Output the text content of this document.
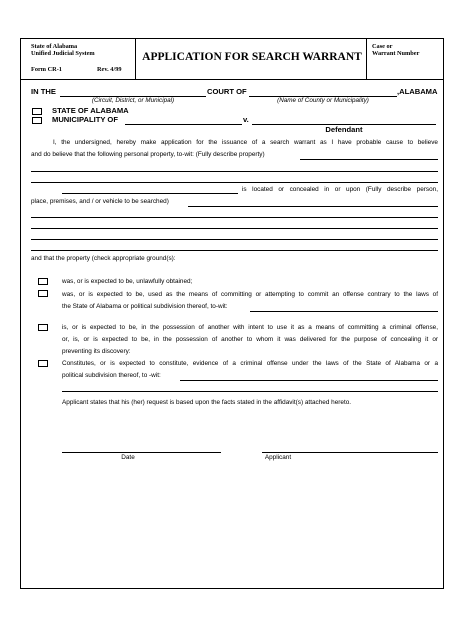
State of Alabama
Unified Judicial System
Form CR-1	Rev. 4/99
APPLICATION FOR SEARCH WARRANT
Case or
Warrant Number
IN THE	COURT OF	,ALABAMA
(Circuit, District, or Municipal)	(Name of County or Municipality)
STATE OF ALABAMA
MUNICIPALITY OF	v.
Defendant
I, the undersigned, hereby make application for the issuance of a search warrant as I have probable cause to believe
and do believe that the following personal property, to-wit: (Fully describe property)
is located or concealed in or upon (Fully describe person,
place, premises, and / or vehicle to be searched)
and that the property (check appropriate ground(s):
was, or is expected to be, unlawfully obtained;
was, or is expected to be, used as the means of committing or attempting to commit an offense contrary to the laws of
the State of Alabama or political subdivision thereof, to-wit:
is, or is expected to be, in the possession of another with intent to use it as a means of committing a criminal offense,
or, is, or is expected to be, in the possession of another to whom it was delivered for the purpose of concealing it or
preventing its discovery:
Constitutes, or is expected to constitute, evidence of a criminal offense under the laws of the State of Alabama or a
political subdivision thereof, to -wit:
Applicant states that his (her) request is based upon the facts stated in the affidavit(s) attached hereto.
Date	Applicant
